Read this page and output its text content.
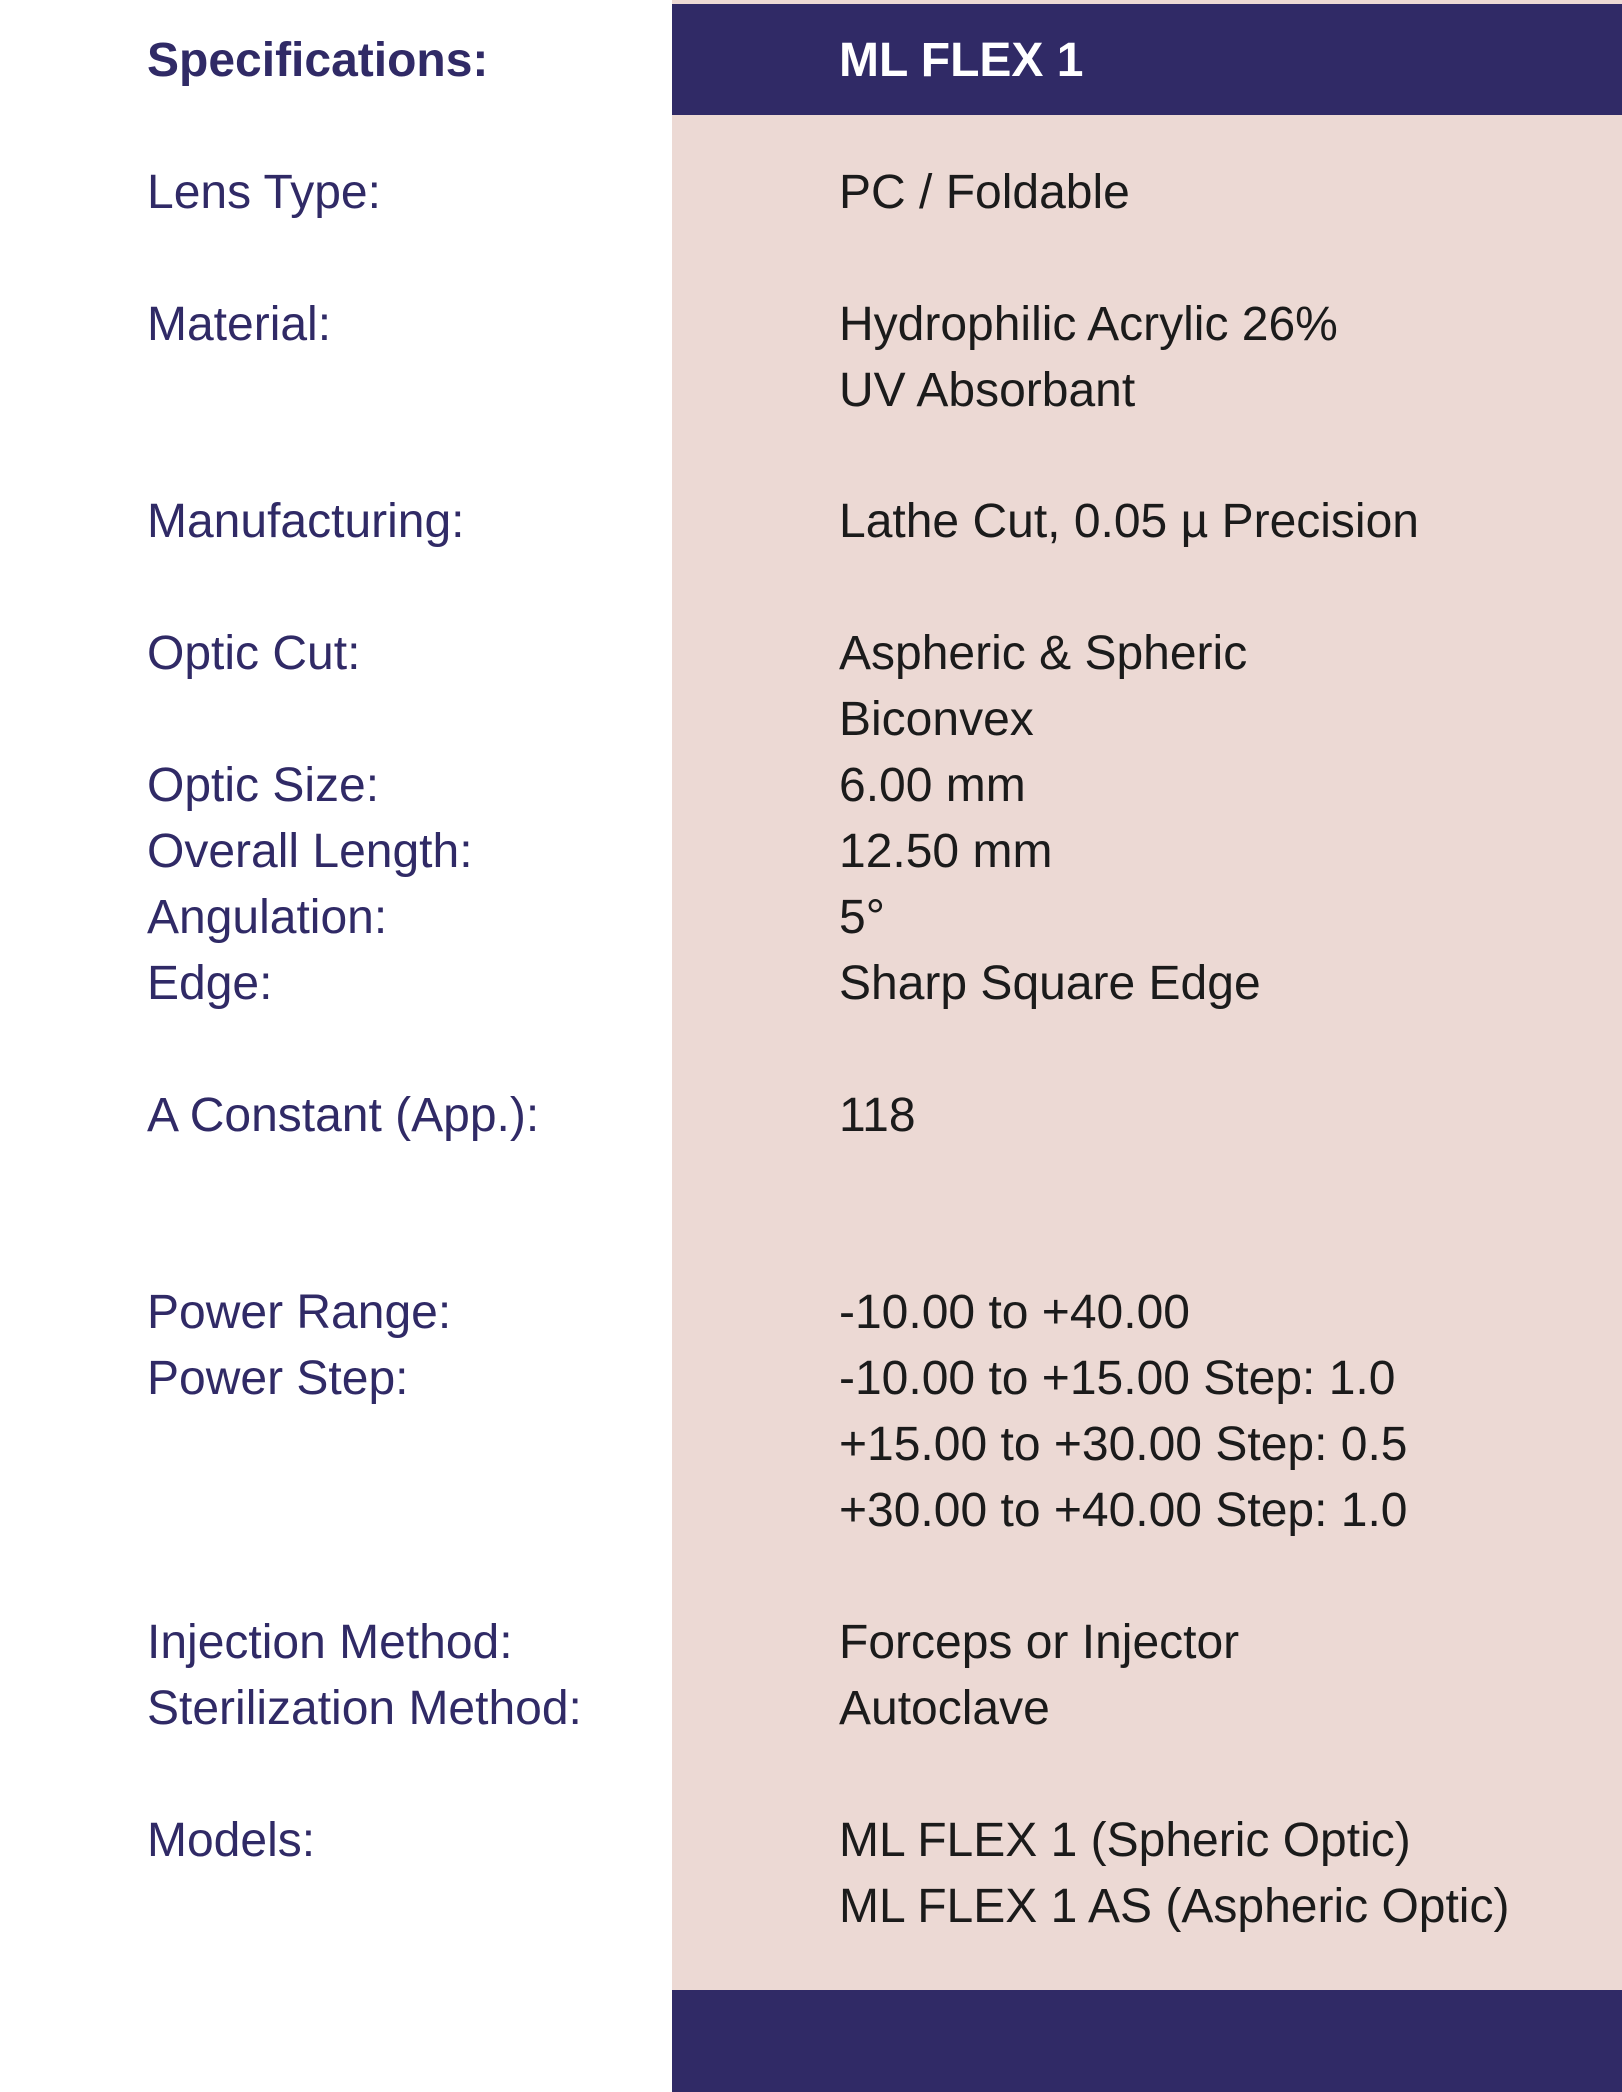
Specifications:	ML FLEX 1
Lens Type:	PC / Foldable
Material:	Hydrophilic Acrylic 26%
UV Absorbant
Manufacturing:	Lathe Cut, 0.05 µ Precision
Optic Cut:	Aspheric & Spheric
Biconvex
Optic Size:	6.00 mm
Overall Length:	12.50 mm
Angulation:	5°
Edge:	Sharp Square Edge
A Constant (App.):	118
Power Range:	-10.00 to +40.00
Power Step:	-10.00 to +15.00 Step: 1.0
+15.00 to +30.00 Step: 0.5
+30.00 to +40.00 Step: 1.0
Injection Method:	Forceps or Injector
Sterilization Method:	Autoclave
Models:	ML FLEX 1 (Spheric Optic)
ML FLEX 1 AS (Aspheric Optic)
